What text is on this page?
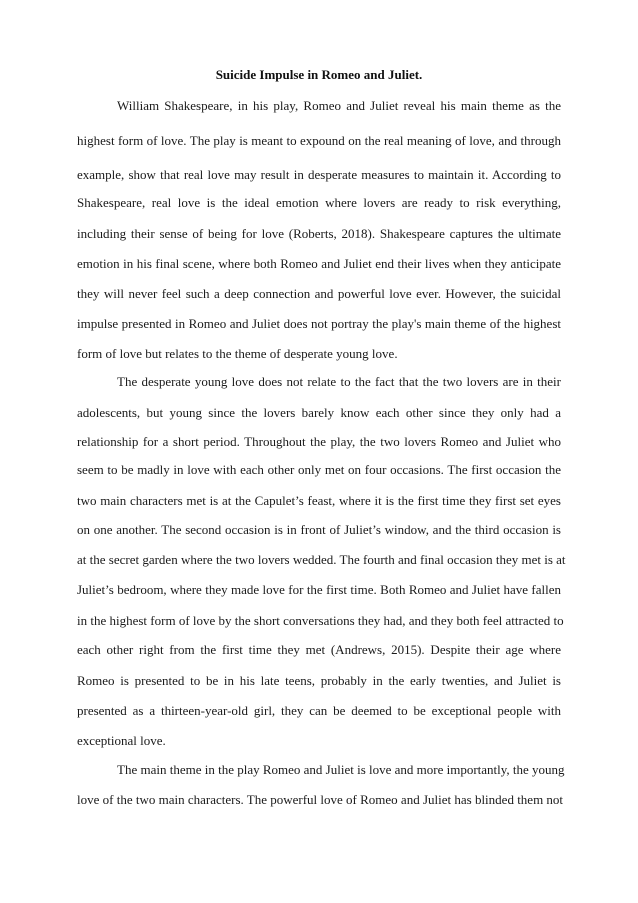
Suicide Impulse in Romeo and Juliet.
William Shakespeare, in his play, Romeo and Juliet reveal his main theme as the
highest form of love. The play is meant to expound on the real meaning of love, and through
example, show that real love may result in desperate measures to maintain it. According to
Shakespeare, real love is the ideal emotion where lovers are ready to risk everything,
including their sense of being for love (Roberts, 2018). Shakespeare captures the ultimate
emotion in his final scene, where both Romeo and Juliet end their lives when they anticipate
they will never feel such a deep connection and powerful love ever. However, the suicidal
impulse presented in Romeo and Juliet does not portray the play's main theme of the highest
form of love but relates to the theme of desperate young love.
The desperate young love does not relate to the fact that the two lovers are in their
adolescents, but young since the lovers barely know each other since they only had a
relationship for a short period. Throughout the play, the two lovers Romeo and Juliet who
seem to be madly in love with each other only met on four occasions. The first occasion the
two main characters met is at the Capulet’s feast, where it is the first time they first set eyes
on one another. The second occasion is in front of Juliet’s window, and the third occasion is
at the secret garden where the two lovers wedded. The fourth and final occasion they met is at
Juliet’s bedroom, where they made love for the first time. Both Romeo and Juliet have fallen
in the highest form of love by the short conversations they had, and they both feel attracted to
each other right from the first time they met (Andrews, 2015). Despite their age where
Romeo is presented to be in his late teens, probably in the early twenties, and Juliet is
presented as a thirteen-year-old girl, they can be deemed to be exceptional people with
exceptional love.
The main theme in the play Romeo and Juliet is love and more importantly, the young
love of the two main characters. The powerful love of Romeo and Juliet has blinded them not
